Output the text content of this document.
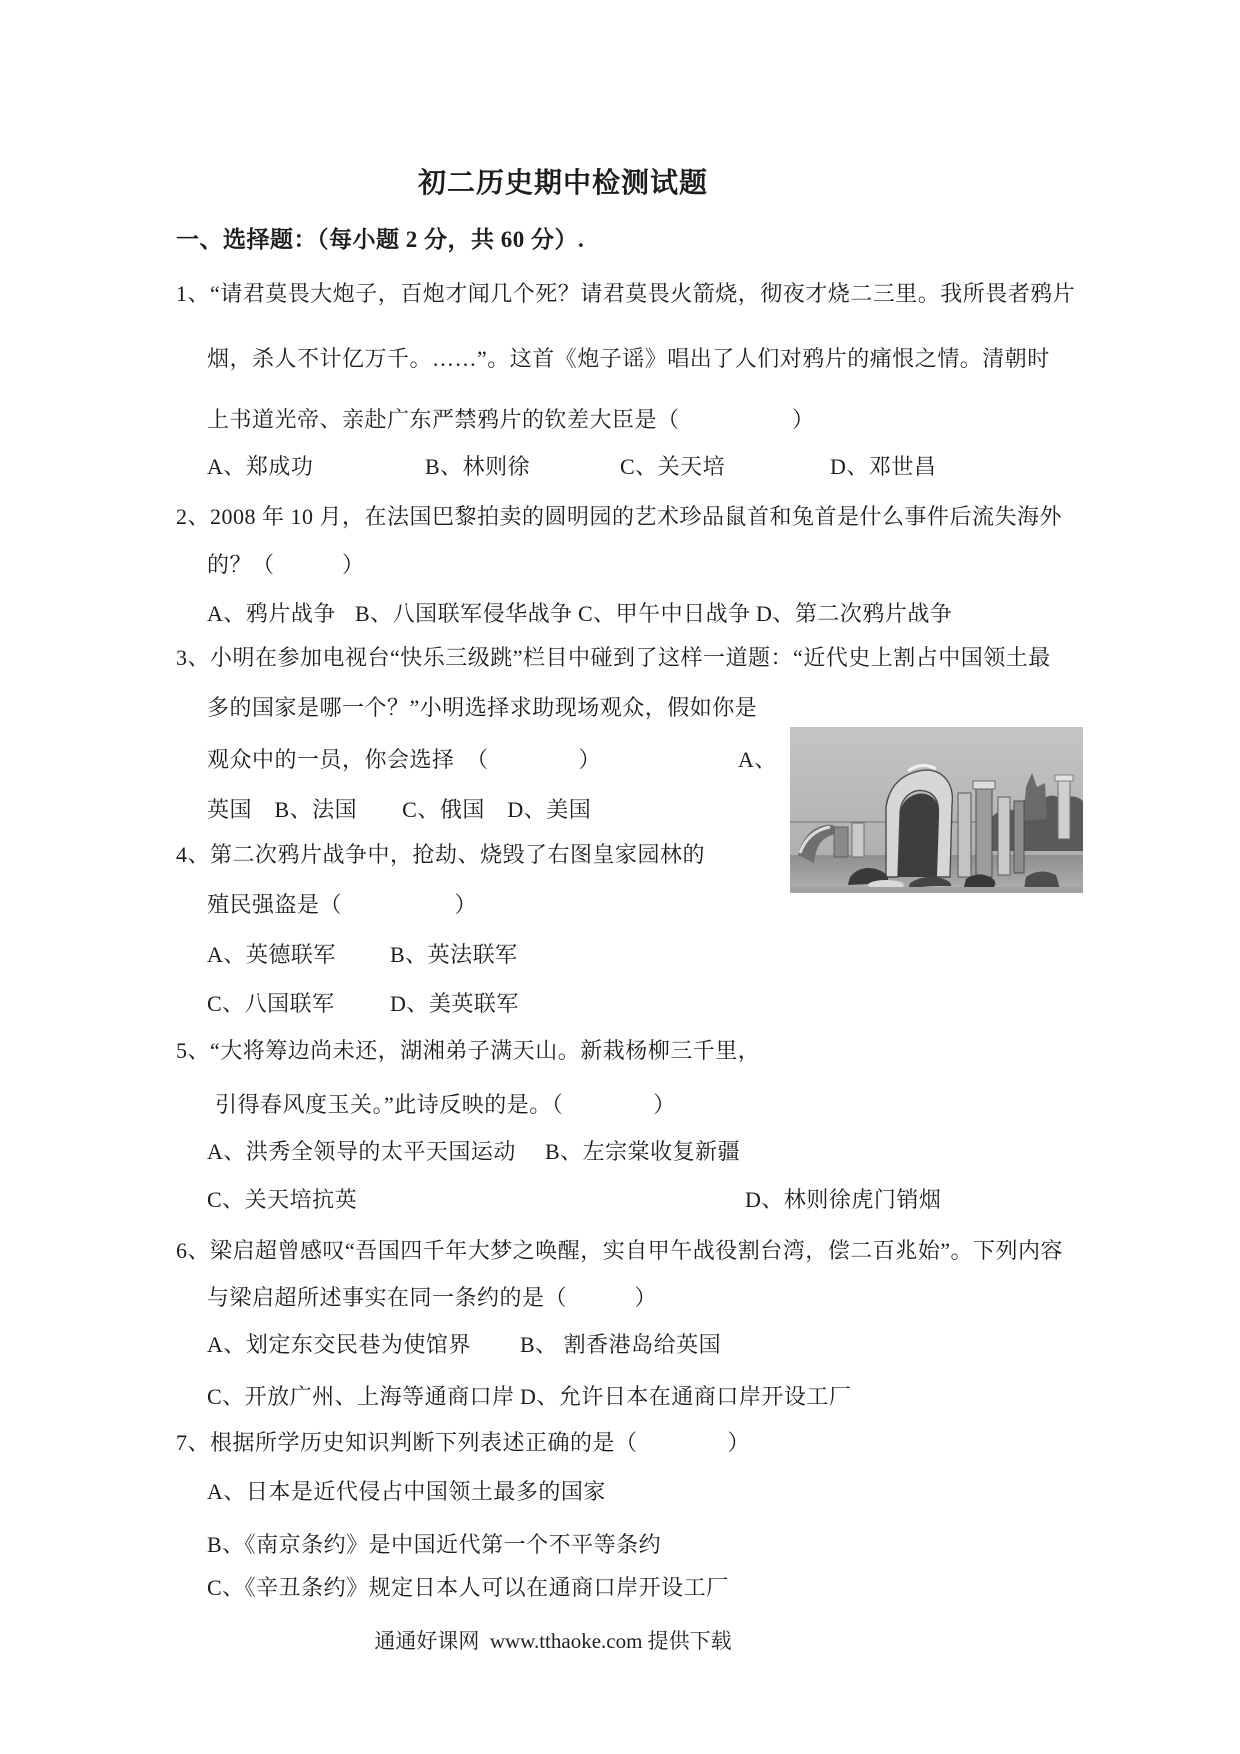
初二历史期中检测试题
一、选择题：（每小题 2 分，共 60 分）.
1、“请君莫畏大炮子，百炮才闻几个死？请君莫畏火箭烧，彻夜才烧二三里。我所畏者鸦片
烟，杀人不计亿万千。……”。这首《炮子谣》唱出了人们对鸦片的痛恨之情。清朝时
上书道光帝、亲赴广东严禁鸦片的钦差大臣是（　　　　　）
A、郑成功	B、林则徐	C、关天培	D、邓世昌
2、2008 年 10 月，在法国巴黎拍卖的圆明园的艺术珍品鼠首和兔首是什么事件后流失海外
的？（　　　）
A、鸦片战争 B、八国联军侵华战争 C、甲午中日战争 D、第二次鸦片战争
3、小明在参加电视台“快乐三级跳”栏目中碰到了这样一道题：“近代史上割占中国领土最
多的国家是哪一个？”小明选择求助现场观众，假如你是
观众中的一员，你会选择　（　　　　）	A、
英国　B、法国　　C、俄国　D、美国
4、第二次鸦片战争中，抢劫、烧毁了右图皇家园林的
殖民强盗是（　　　　　）
A、英德联军 B、英法联军
C、八国联军	D、美英联军
5、“大将筹边尚未还，湖湘弟子满天山。新栽杨柳三千里，
引得春风度玉关。”此诗反映的是。（　　　　）
A、洪秀全领导的太平天国运动 B、左宗棠收复新疆
C、关天培抗英	D、林则徐虎门销烟
6、梁启超曾感叹“吾国四千年大梦之唤醒，实自甲午战役割台湾，偿二百兆始”。下列内容
与梁启超所述事实在同一条约的是（　　　）
A、划定东交民巷为使馆界 B、 割香港岛给英国
C、开放广州、上海等通商口岸 D、允许日本在通商口岸开设工厂
7、根据所学历史知识判断下列表述正确的是（　　　　）
A、日本是近代侵占中国领土最多的国家
B、《南京条约》是中国近代第一个不平等条约
C、《辛丑条约》规定日本人可以在通商口岸开设工厂
通通好课网  www.tthaoke.com 提供下载
